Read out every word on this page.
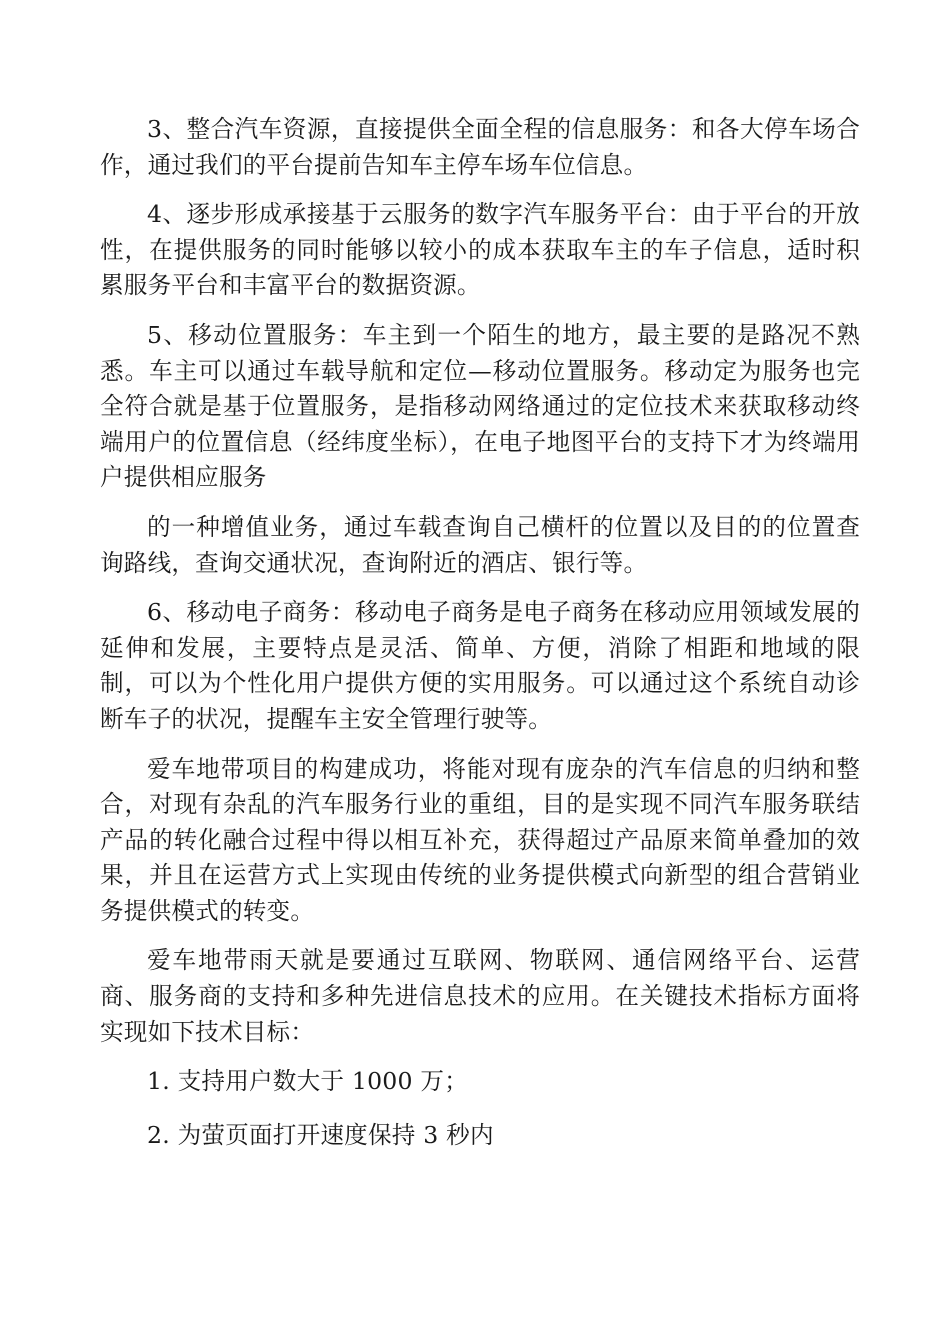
3、整合汽车资源，直接提供全面全程的信息服务：和各大停车场合作，通过我们的平台提前告知车主停车场车位信息。

4、逐步形成承接基于云服务的数字汽车服务平台：由于平台的开放性，在提供服务的同时能够以较小的成本获取车主的车子信息，适时积累服务平台和丰富平台的数据资源。

5、移动位置服务：车主到一个陌生的地方，最主要的是路况不熟悉。车主可以通过车载导航和定位—移动位置服务。移动定为服务也完全符合就是基于位置服务，是指移动网络通过的定位技术来获取移动终端用户的位置信息（经纬度坐标），在电子地图平台的支持下才为终端用户提供相应服务

的一种增值业务，通过车载查询自己横杆的位置以及目的的位置查询路线，查询交通状况，查询附近的酒店、银行等。

6、移动电子商务：移动电子商务是电子商务在移动应用领域发展的延伸和发展，主要特点是灵活、简单、方便，消除了相距和地域的限制，可以为个性化用户提供方便的实用服务。可以通过这个系统自动诊断车子的状况，提醒车主安全管理行驶等。

爱车地带项目的构建成功，将能对现有庞杂的汽车信息的归纳和整合，对现有杂乱的汽车服务行业的重组，目的是实现不同汽车服务联结产品的转化融合过程中得以相互补充，获得超过产品原来简单叠加的效果，并且在运营方式上实现由传统的业务提供模式向新型的组合营销业务提供模式的转变。

爱车地带雨天就是要通过互联网、物联网、通信网络平台、运营商、服务商的支持和多种先进信息技术的应用。在关键技术指标方面将实现如下技术目标：

1. 支持用户数大于 1000 万；

2. 为萤页面打开速度保持 3 秒内
